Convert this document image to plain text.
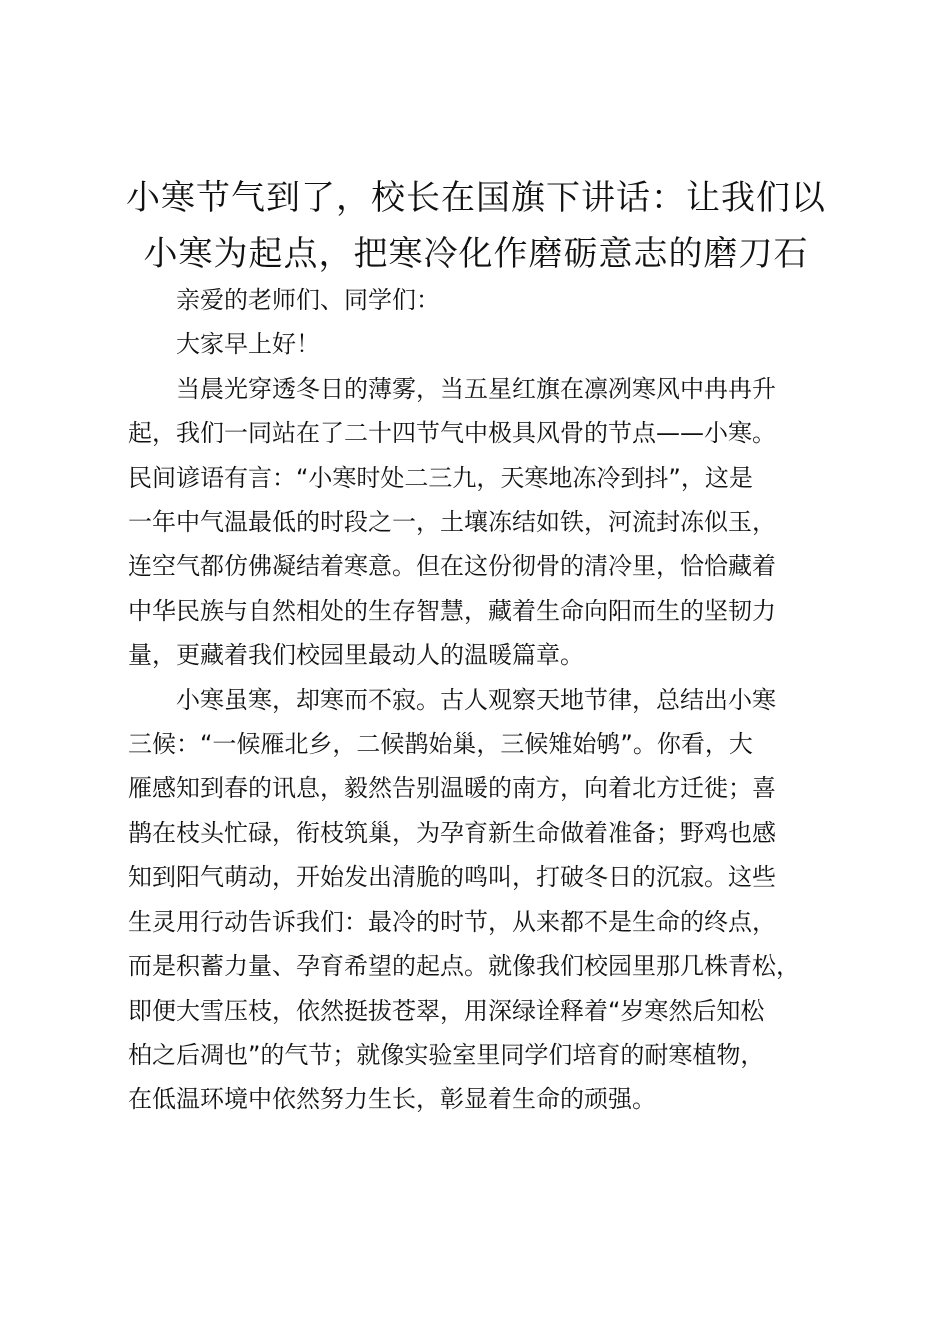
小寒节气到了，校长在国旗下讲话：让我们以
小寒为起点，把寒冷化作磨砺意志的磨刀石

亲爱的老师们、同学们：

大家早上好！

当晨光穿透冬日的薄雾，当五星红旗在凛冽寒风中冉冉升
起，我们一同站在了二十四节气中极具风骨的节点——小寒。
民间谚语有言：“小寒时处二三九，天寒地冻冷到抖”，这是
一年中气温最低的时段之一，土壤冻结如铁，河流封冻似玉，
连空气都仿佛凝结着寒意。但在这份彻骨的清冷里，恰恰藏着
中华民族与自然相处的生存智慧，藏着生命向阳而生的坚韧力
量，更藏着我们校园里最动人的温暖篇章。

小寒虽寒，却寒而不寂。古人观察天地节律，总结出小寒
三候：“一候雁北乡，二候鹊始巢，三候雉始鸲”。你看，大
雁感知到春的讯息，毅然告别温暖的南方，向着北方迁徙；喜
鹊在枝头忙碌，衔枝筑巢，为孕育新生命做着准备；野鸡也感
知到阳气萌动，开始发出清脆的鸣叫，打破冬日的沉寂。这些
生灵用行动告诉我们：最冷的时节，从来都不是生命的终点，
而是积蓄力量、孕育希望的起点。就像我们校园里那几株青松，
即便大雪压枝，依然挺拔苍翠，用深绿诠释着“岁寒然后知松
柏之后凋也”的气节；就像实验室里同学们培育的耐寒植物，
在低温环境中依然努力生长，彰显着生命的顽强。
